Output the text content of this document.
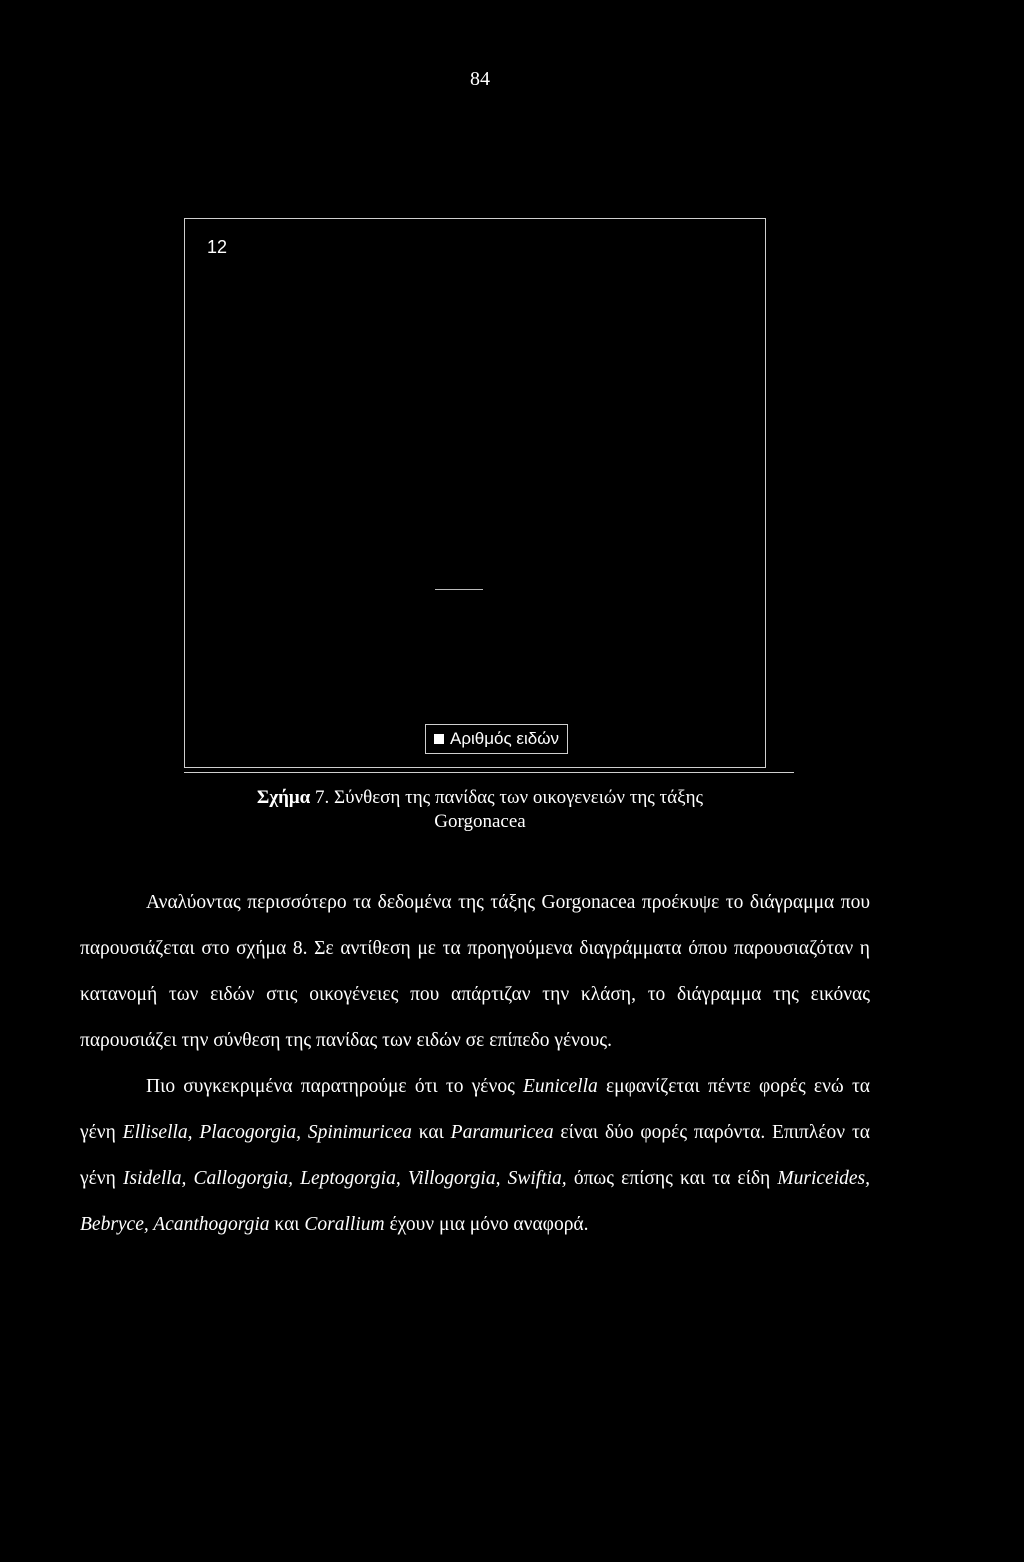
84
12
Αριθμός ειδών
Σχήμα 7. Σύνθεση της πανίδας των οικογενειών της τάξης
Gorgonacea

Αναλύοντας περισσότερο τα δεδομένα της τάξης Gorgonacea προέκυψε το διάγραμμα που παρουσιάζεται στο σχήμα 8. Σε αντίθεση με τα προηγούμενα διαγράμματα όπου παρουσιαζόταν η κατανομή των ειδών στις οικογένειες που απάρτιζαν την κλάση, το διάγραμμα της εικόνας παρουσιάζει την σύνθεση της πανίδας των ειδών σε επίπεδο γένους.

Πιο συγκεκριμένα παρατηρούμε ότι το γένος Eunicella εμφανίζεται πέντε φορές ενώ τα γένη Ellisella, Placogorgia, Spinimuricea και Paramuricea είναι δύο φορές παρόντα. Επιπλέον τα γένη Isidella, Callogorgia, Leptogorgia, Villogorgia, Swiftia, όπως επίσης και τα είδη Muriceides, Bebryce, Acanthogorgia και Corallium έχουν μια μόνο αναφορά.
